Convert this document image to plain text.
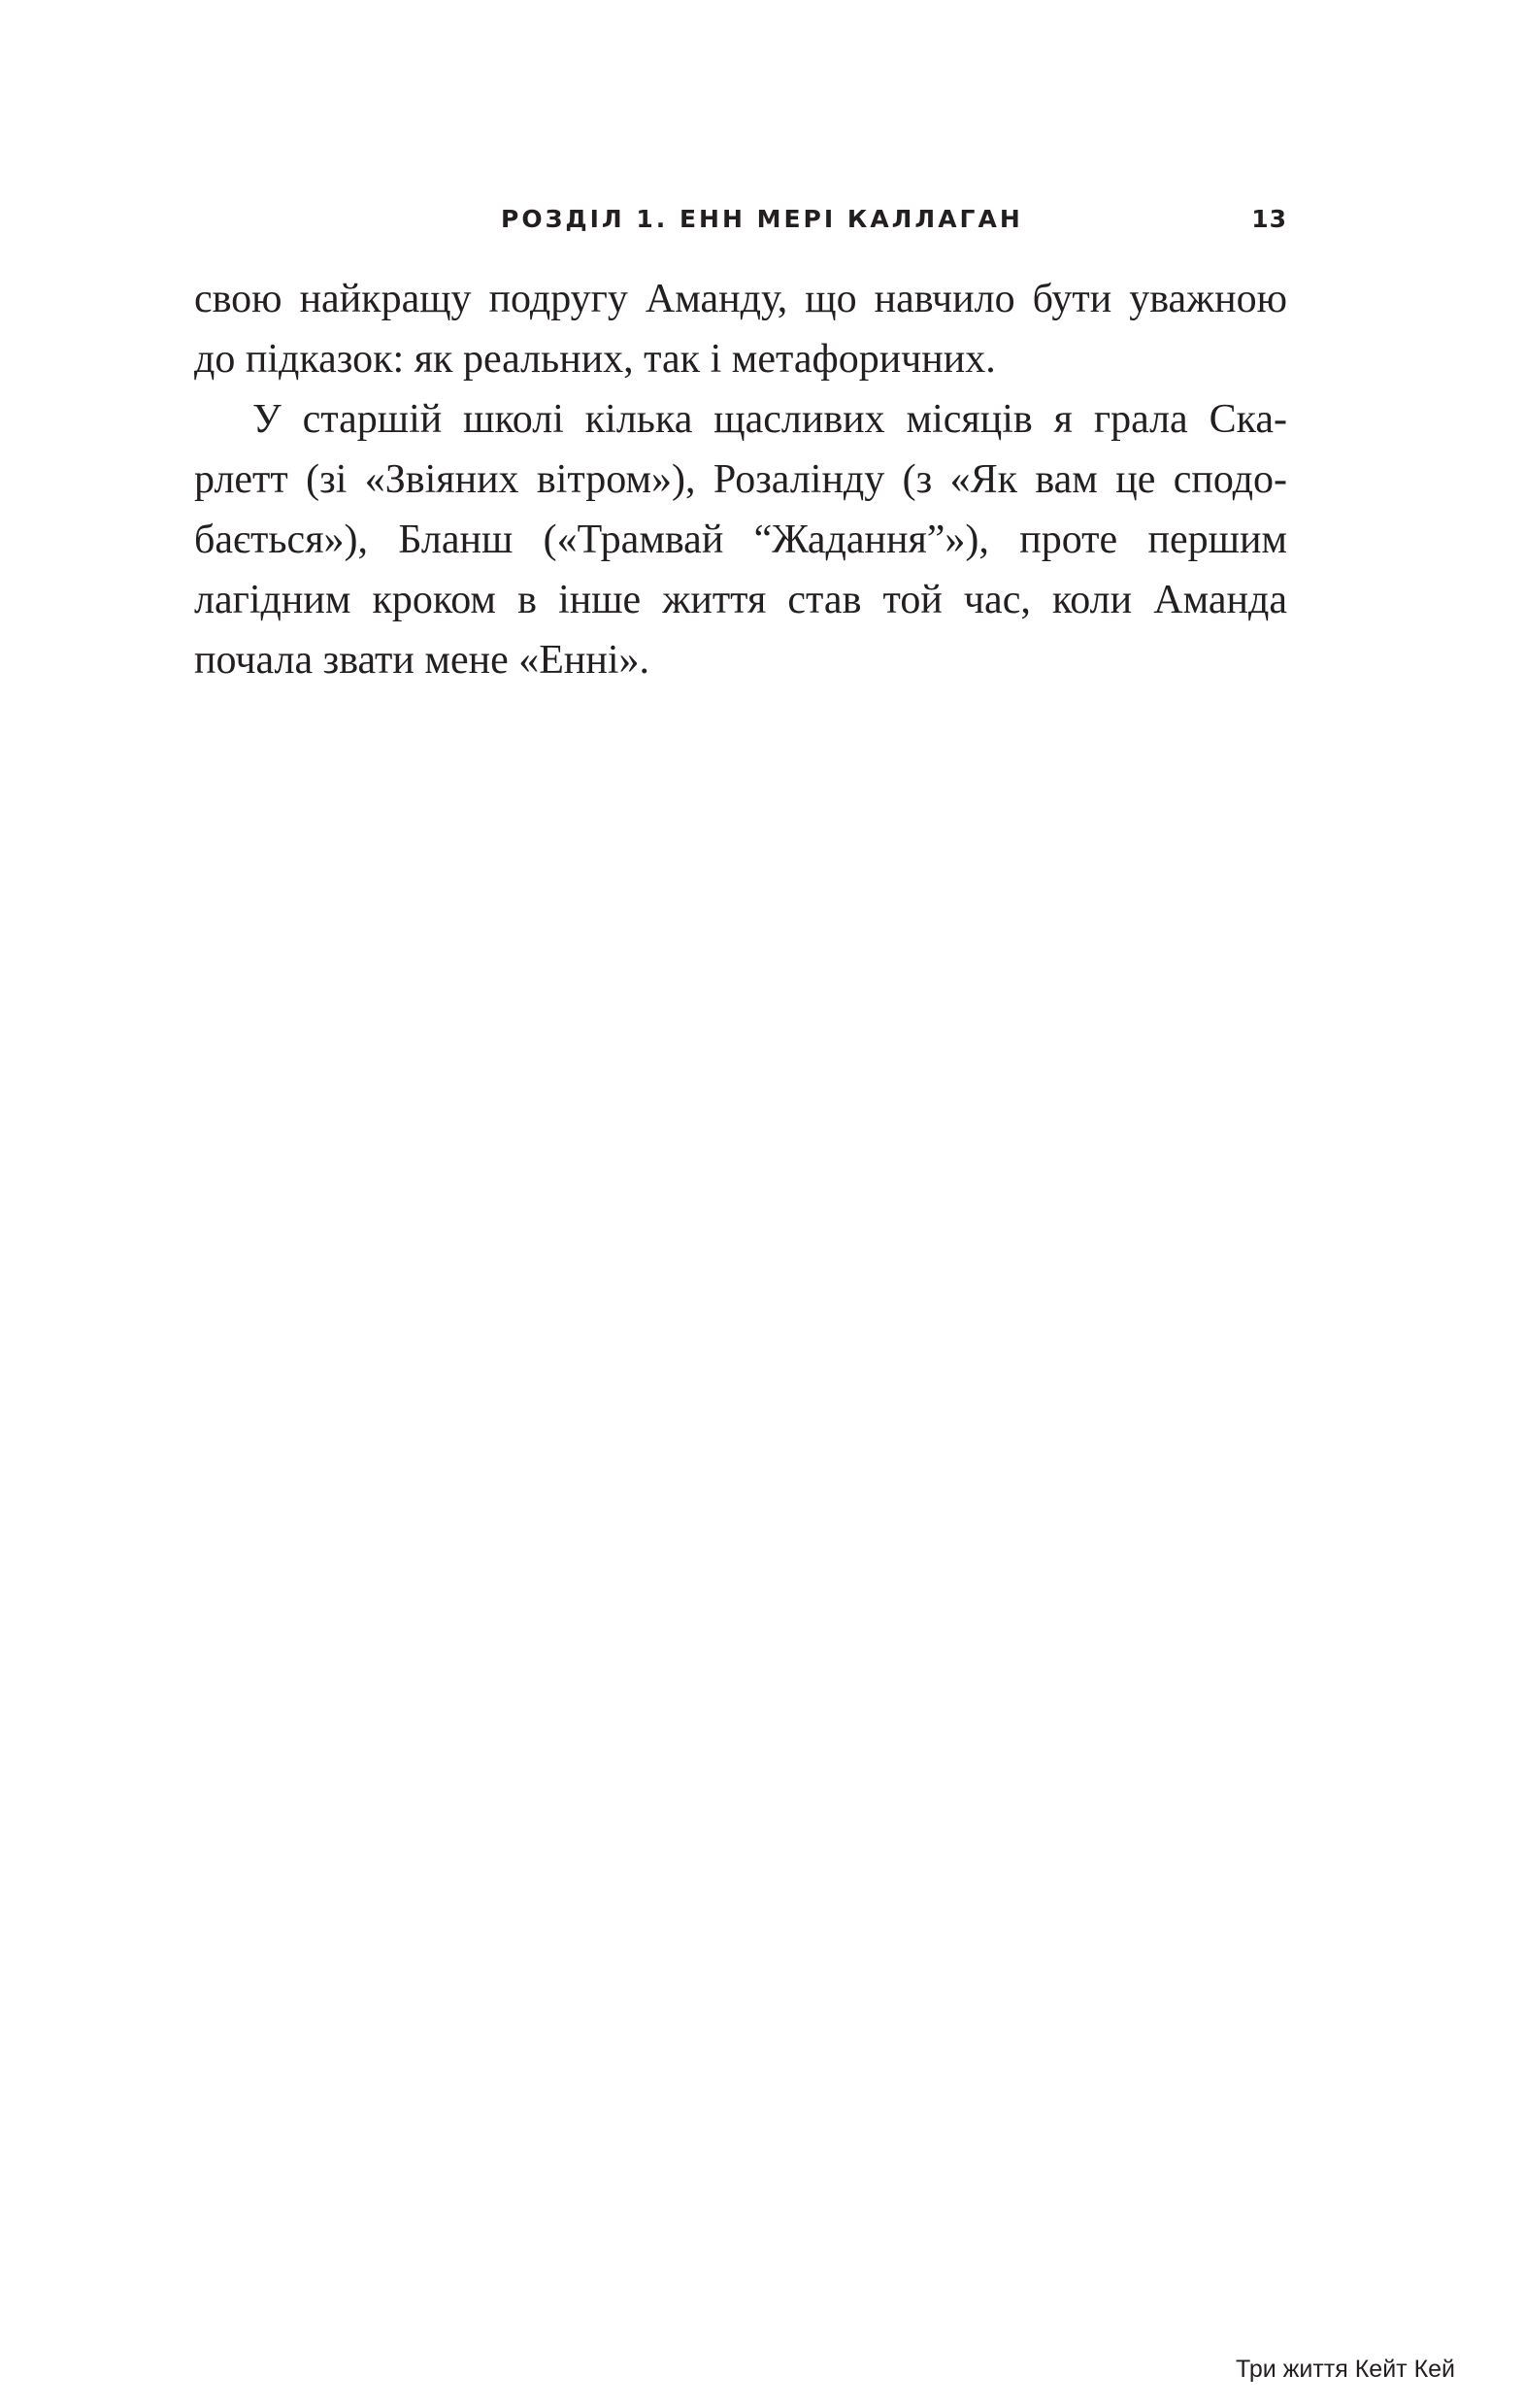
РОЗДІЛ 1. ЕНН МЕРІ КАЛЛАГАН	13
свою найкращу подругу Аманду, що навчило бути уважною
до підказок: як реальних, так і метафоричних.
У старшій школі кілька щасливих місяців я грала Ска-
рлетт (зі «Звіяних вітром»), Розалінду (з «Як вам це сподо-
бається»), Бланш («Трамвай “Жадання”»), проте першим
лагідним кроком в інше життя став той час, коли Аманда
почала звати мене «Енні».
Три життя Кейт Кей
